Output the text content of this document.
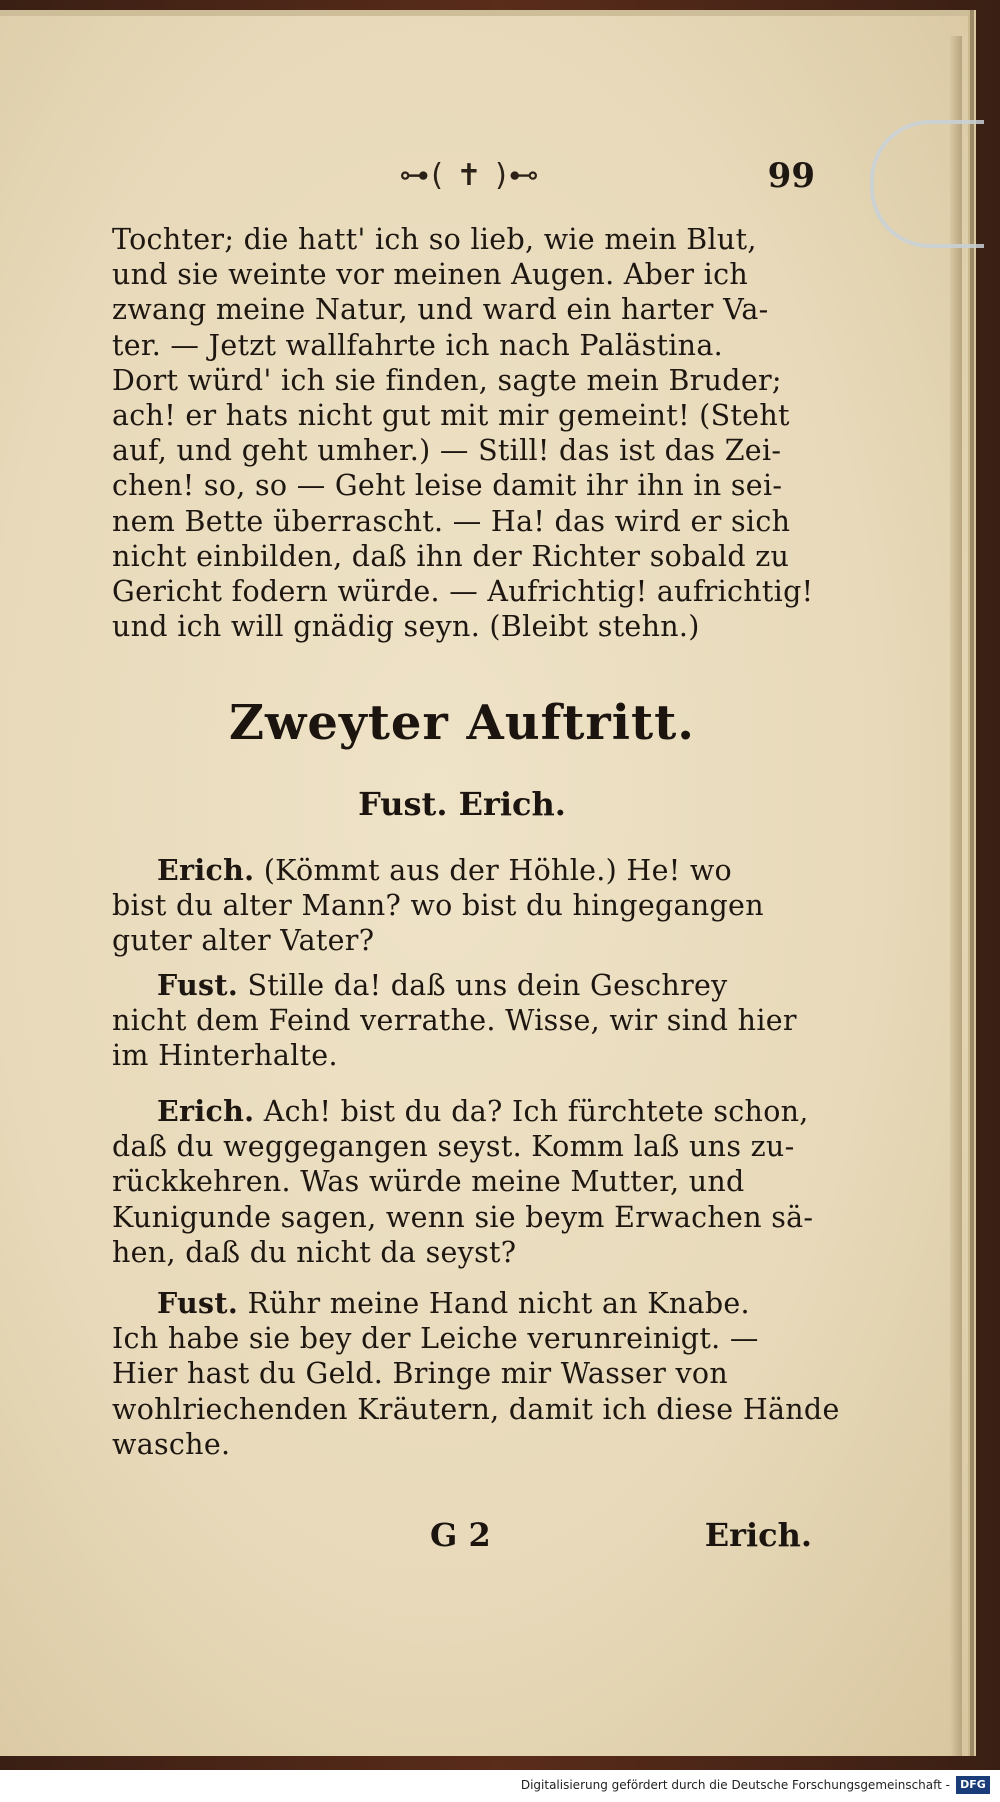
⊶( ✝ )⊷	99
Tochter; die hatt' ich so lieb, wie mein Blut,
und sie weinte vor meinen Augen. Aber ich
zwang meine Natur, und ward ein harter Va-
ter. — Jetzt wallfahrte ich nach Palästina.
Dort würd' ich sie finden, sagte mein Bruder;
ach! er hats nicht gut mit mir gemeint! (Steht
auf, und geht umher.) — Still! das ist das Zei-
chen! so, so — Geht leise damit ihr ihn in sei-
nem Bette überrascht. — Ha! das wird er sich
nicht einbilden, daß ihn der Richter sobald zu
Gericht fodern würde. — Aufrichtig! aufrichtig!
und ich will gnädig seyn. (Bleibt stehn.)
Zweyter Auftritt.
Fust. Erich.
Erich. (Kömmt aus der Höhle.) He! wo
bist du alter Mann? wo bist du hingegangen
guter alter Vater?
Fust. Stille da! daß uns dein Geschrey
nicht dem Feind verrathe. Wisse, wir sind hier
im Hinterhalte.
Erich. Ach! bist du da? Ich fürchtete schon,
daß du weggegangen seyst. Komm laß uns zu-
rückkehren. Was würde meine Mutter, und
Kunigunde sagen, wenn sie beym Erwachen sä-
hen, daß du nicht da seyst?
Fust. Rühr meine Hand nicht an Knabe.
Ich habe sie bey der Leiche verunreinigt. —
Hier hast du Geld. Bringe mir Wasser von
wohlriechenden Kräutern, damit ich diese Hände
wasche.
G 2	Erich.
Digitalisierung gefördert durch die Deutsche Forschungsgemeinschaft - DFG
